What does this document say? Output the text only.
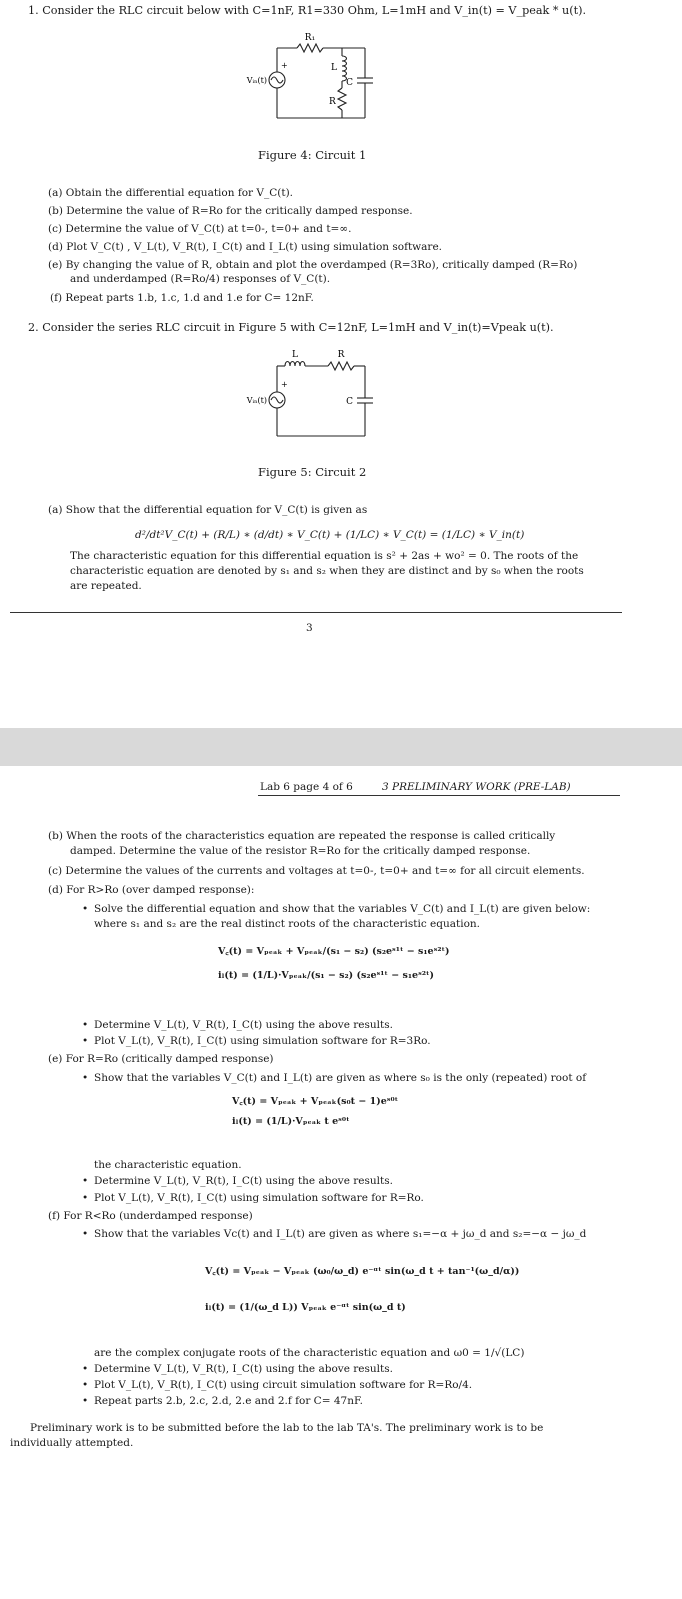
1. Consider the RLC circuit below with C=1nF, R1=330 Ohm, L=1mH and V_in(t) = V_peak * u(t).
R₁
L
R
C
Vᵢₙ(t)
+
Figure 4: Circuit 1
(a) Obtain the differential equation for V_C(t).
(b) Determine the value of R=Ro for the critically damped response.
(c) Determine the value of V_C(t) at t=0-, t=0+ and t=∞.
(d) Plot V_C(t) , V_L(t), V_R(t), I_C(t) and I_L(t) using simulation software.
(e) By changing the value of R, obtain and plot the overdamped (R=3Ro), critically damped (R=Ro)
and underdamped (R=Ro/4) responses of V_C(t).
(f) Repeat parts 1.b, 1.c, 1.d and 1.e for C= 12nF.
2. Consider the series RLC circuit in Figure 5 with C=12nF, L=1mH and V_in(t)=Vpeak u(t).
L	R
C
Vᵢₙ(t)
+
Figure 5: Circuit 2
(a) Show that the differential equation for V_C(t) is given as
d²/dt²V_C(t) + (R/L) ∗ (d/dt) ∗ V_C(t) + (1/LC) ∗ V_C(t) = (1/LC) ∗ V_in(t)
The characteristic equation for this differential equation is s² + 2as + wo² = 0. The roots of the
characteristic equation are denoted by s₁ and s₂ when they are distinct and by s₀ when the roots
are repeated.
3
Lab 6 page 4 of 6	3 PRELIMINARY WORK (PRE-LAB)
(b) When the roots of the characteristics equation are repeated the response is called critically
damped. Determine the value of the resistor R=Ro for the critically damped response.
(c) Determine the values of the currents and voltages at t=0-, t=0+ and t=∞ for all circuit elements.
(d) For R>Ro (over damped response):
• Solve the differential equation and show that the variables V_C(t) and I_L(t) are given below:
where s₁ and s₂ are the real distinct roots of the characteristic equation.
V꜀(t) = Vₚₑₐₖ + Vₚₑₐₖ/(s₁ − s₂) (s₂eˢ¹ᵗ − s₁eˢ²ᵗ)
iₗ(t) = (1/L)·Vₚₑₐₖ/(s₁ − s₂) (s₂eˢ¹ᵗ − s₁eˢ²ᵗ)
• Determine V_L(t), V_R(t), I_C(t) using the above results.
• Plot V_L(t), V_R(t), I_C(t) using simulation software for R=3Ro.
(e) For R=Ro (critically damped response)
• Show that the variables V_C(t) and I_L(t) are given as where s₀ is the only (repeated) root of
V꜀(t) = Vₚₑₐₖ + Vₚₑₐₖ(s₀t − 1)eˢ⁰ᵗ
iₗ(t) = (1/L)·Vₚₑₐₖ t eˢ⁰ᵗ
the characteristic equation.
• Determine V_L(t), V_R(t), I_C(t) using the above results.
• Plot V_L(t), V_R(t), I_C(t) using simulation software for R=Ro.
(f) For R<Ro (underdamped response)
• Show that the variables Vc(t) and I_L(t) are given as where s₁=−α + jω_d and s₂=−α − jω_d
V꜀(t) = Vₚₑₐₖ − Vₚₑₐₖ (ω₀/ω_d) e⁻ᵅᵗ sin(ω_d t + tan⁻¹(ω_d/α))
iₗ(t) = (1/(ω_d L)) Vₚₑₐₖ e⁻ᵅᵗ sin(ω_d t)
are the complex conjugate roots of the characteristic equation and ω0 = 1/√(LC)
• Determine V_L(t), V_R(t), I_C(t) using the above results.
• Plot V_L(t), V_R(t), I_C(t) using circuit simulation software for R=Ro/4.
• Repeat parts 2.b, 2.c, 2.d, 2.e and 2.f for C= 47nF.
Preliminary work is to be submitted before the lab to the lab TA's. The preliminary work is to be
individually attempted.
